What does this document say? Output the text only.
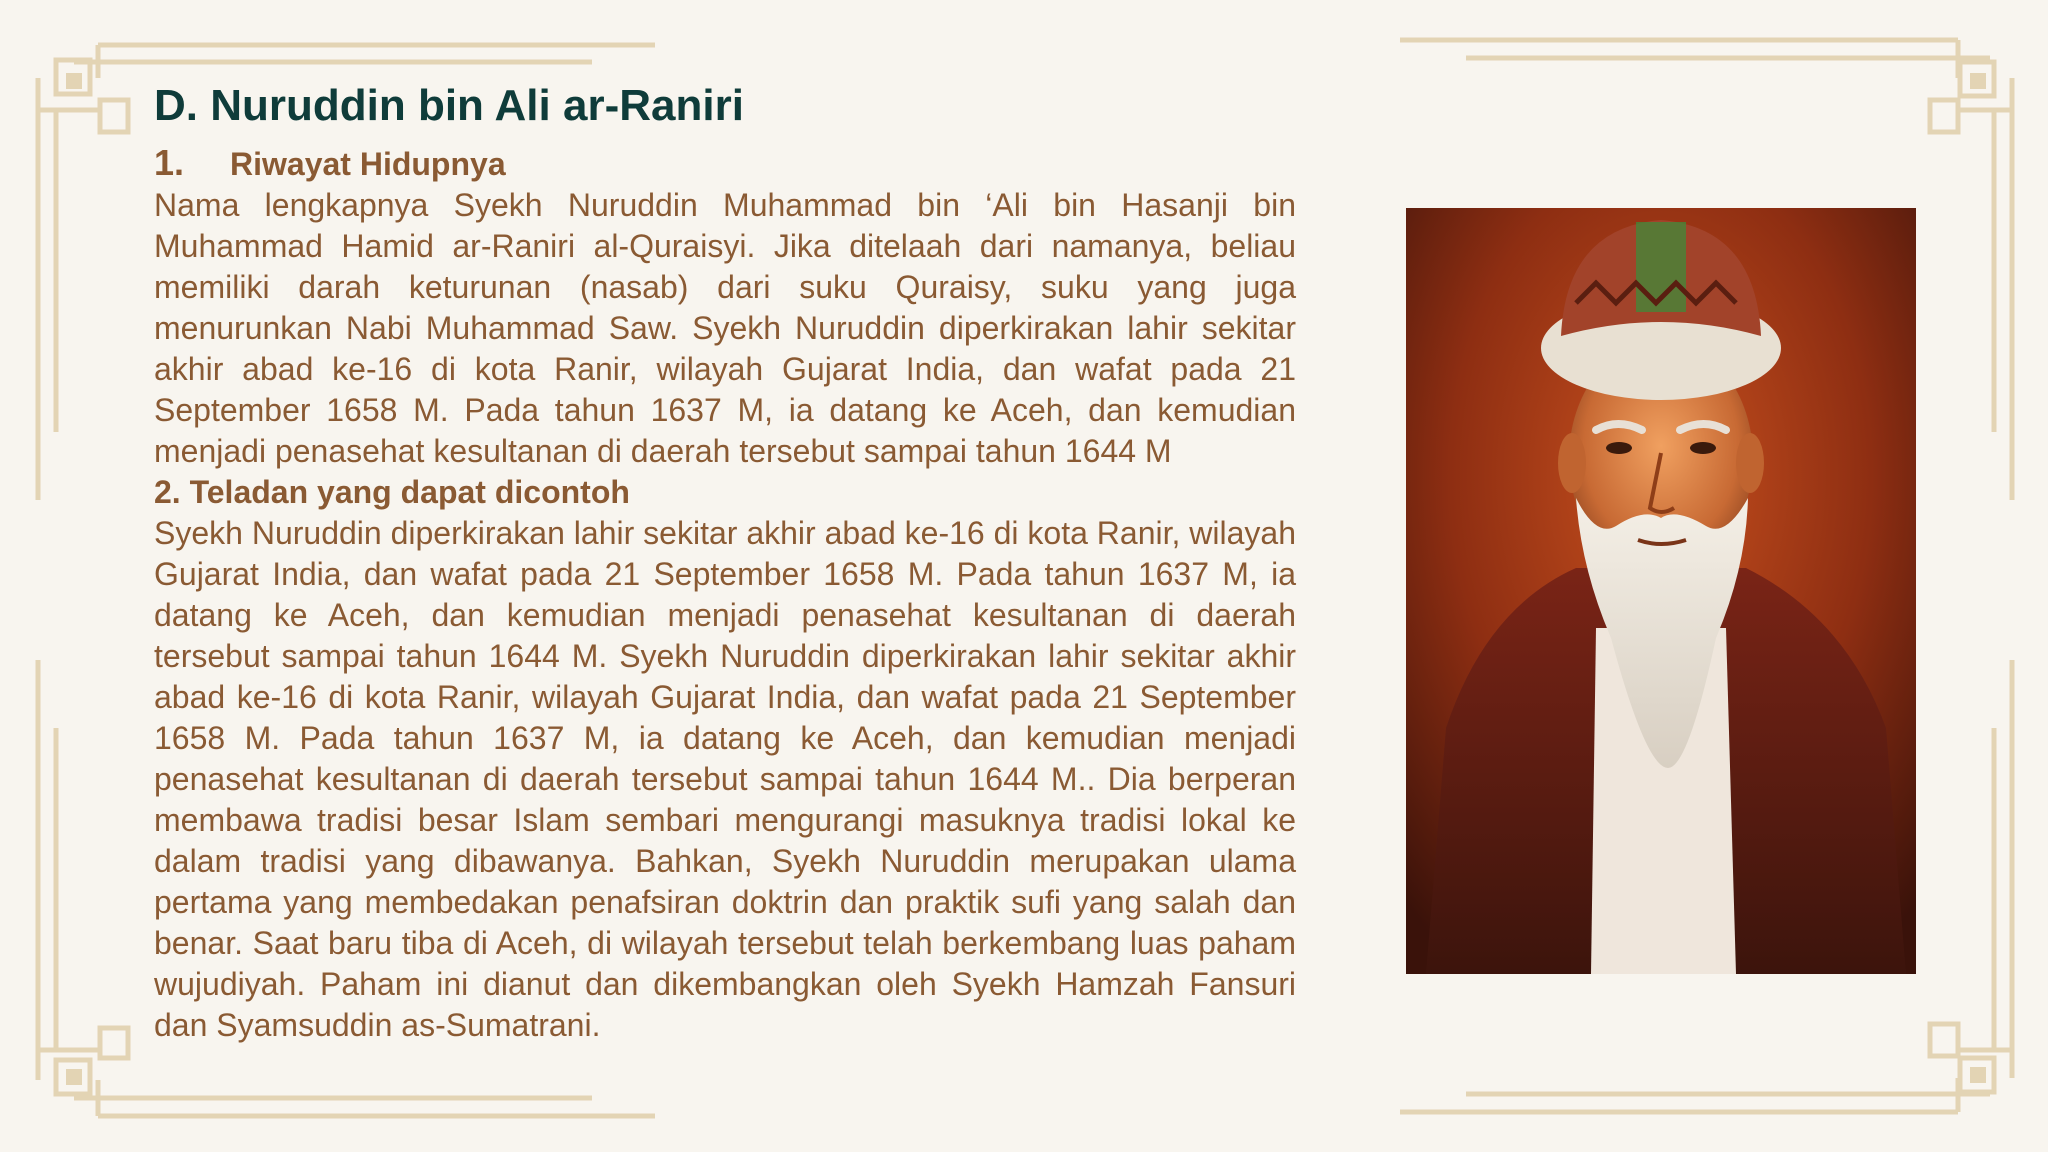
D. Nuruddin bin Ali ar-Raniri
1.	Riwayat Hidupnya

Nama lengkapnya Syekh Nuruddin Muhammad bin ‘Ali bin Hasanji bin Muhammad Hamid ar-Raniri al-Quraisyi. Jika ditelaah dari namanya, beliau memiliki darah keturunan (nasab) dari suku Quraisy, suku yang juga menurunkan Nabi Muhammad Saw. Syekh Nuruddin diperkirakan lahir sekitar akhir abad ke-16 di kota Ranir, wilayah Gujarat India, dan wafat pada 21 September 1658 M. Pada tahun 1637 M, ia datang ke Aceh, dan kemudian menjadi penasehat kesultanan di daerah tersebut sampai tahun 1644 M

2. Teladan yang dapat dicontoh

Syekh Nuruddin diperkirakan lahir sekitar akhir abad ke-16 di kota Ranir, wilayah Gujarat India, dan wafat pada 21 September 1658 M. Pada tahun 1637 M, ia datang ke Aceh, dan kemudian menjadi penasehat kesultanan di daerah tersebut sampai tahun 1644 M. Syekh Nuruddin diperkirakan lahir sekitar akhir abad ke-16 di kota Ranir, wilayah Gujarat India, dan wafat pada 21 September 1658 M. Pada tahun 1637 M, ia datang ke Aceh, dan kemudian menjadi penasehat kesultanan di daerah tersebut sampai tahun 1644 M.. Dia berperan membawa tradisi besar Islam sembari mengurangi masuknya tradisi lokal ke dalam tradisi yang dibawanya. Bahkan, Syekh Nuruddin merupakan ulama pertama yang membedakan penafsiran doktrin dan praktik sufi yang salah dan benar. Saat baru tiba di Aceh, di wilayah tersebut telah berkembang luas paham wujudiyah. Paham ini dianut dan dikembangkan oleh Syekh Hamzah Fansuri dan Syamsuddin as-Sumatrani.
